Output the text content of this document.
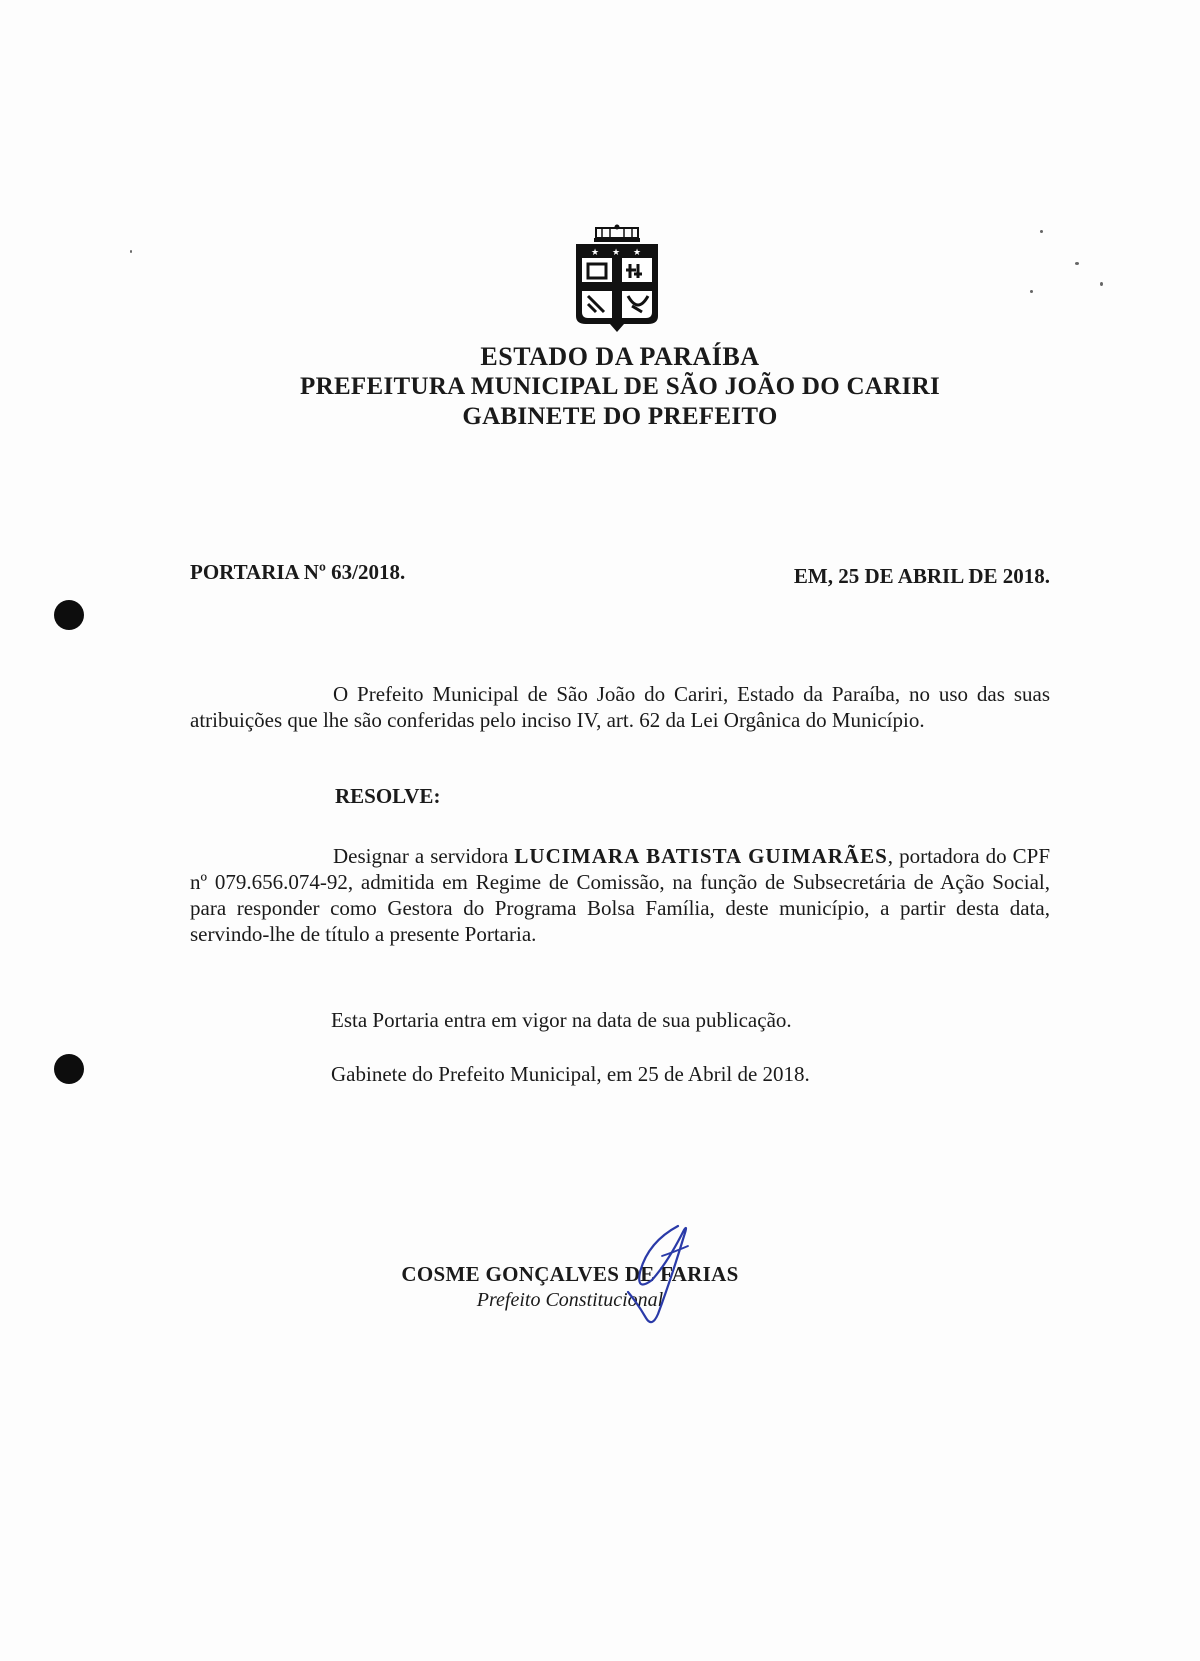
★ ★ ★
ESTADO DA PARAÍBA
PREFEITURA MUNICIPAL DE SÃO JOÃO DO CARIRI
GABINETE DO PREFEITO
PORTARIA Nº 63/2018.	EM, 25 DE ABRIL DE 2018.
O Prefeito Municipal de São João do Cariri, Estado da Paraíba, no uso das suas atribuições que lhe são conferidas pelo inciso IV, art. 62 da Lei Orgânica do Município.
RESOLVE:
Designar a servidora LUCIMARA BATISTA GUIMARÃES, portadora do CPF nº 079.656.074-92, admitida em Regime de Comissão, na função de Subsecretária de Ação Social, para responder como Gestora do Programa Bolsa Família, deste município, a partir desta data, servindo-lhe de título a presente Portaria.
Esta Portaria entra em vigor na data de sua publicação.
Gabinete do Prefeito Municipal, em 25 de Abril de 2018.
COSME GONÇALVES DE FARIAS
Prefeito Constitucional
